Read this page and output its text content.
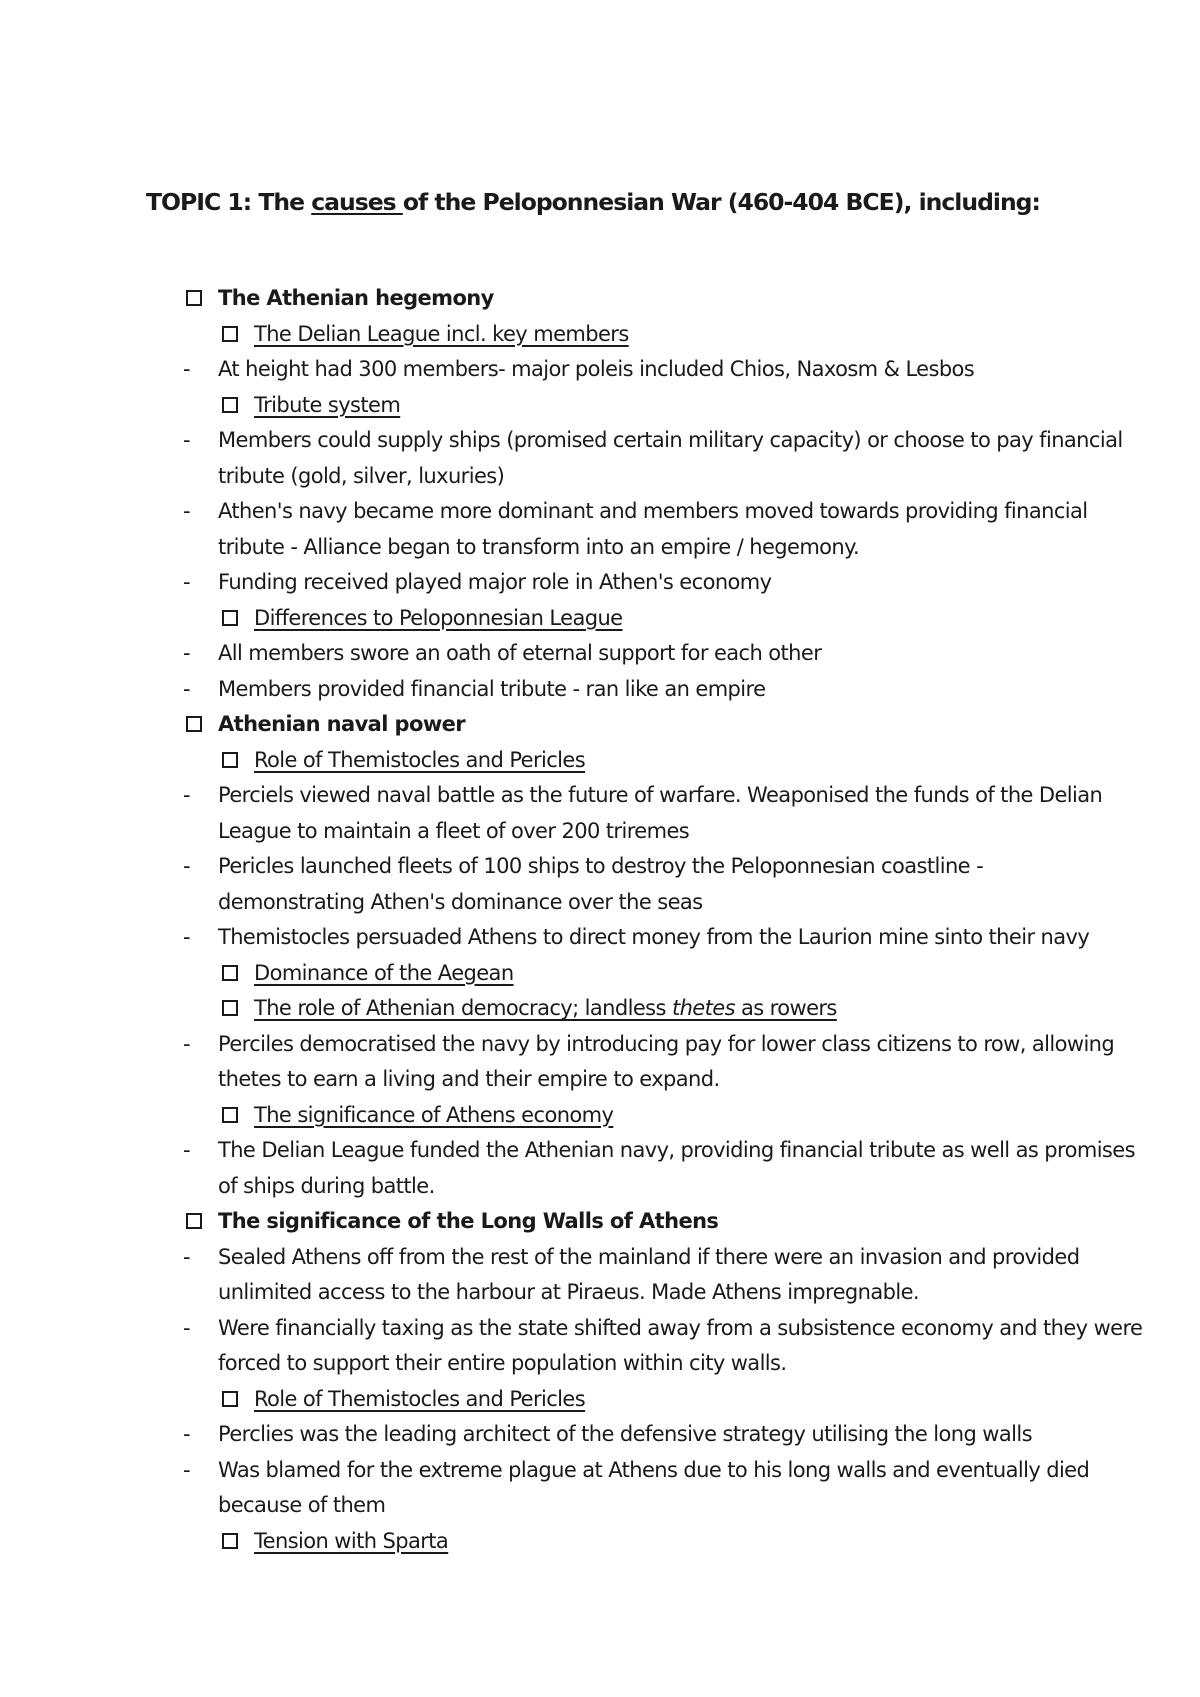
TOPIC 1: The causes of the Peloponnesian War (460-404 BCE), including:
The Athenian hegemony
The Delian League incl. key members
- At height had 300 members- major poleis included Chios, Naxosm & Lesbos
Tribute system
- Members could supply ships (promised certain military capacity) or choose to pay financial
tribute (gold, silver, luxuries)
- Athen's navy became more dominant and members moved towards providing financial
tribute - Alliance began to transform into an empire / hegemony.
- Funding received played major role in Athen's economy
Differences to Peloponnesian League
- All members swore an oath of eternal support for each other
- Members provided financial tribute - ran like an empire
Athenian naval power
Role of Themistocles and Pericles
- Perciels viewed naval battle as the future of warfare. Weaponised the funds of the Delian
League to maintain a fleet of over 200 triremes
- Pericles launched fleets of 100 ships to destroy the Peloponnesian coastline -
demonstrating Athen's dominance over the seas
- Themistocles persuaded Athens to direct money from the Laurion mine sinto their navy
Dominance of the Aegean
The role of Athenian democracy; landless thetes as rowers
- Perciles democratised the navy by introducing pay for lower class citizens to row, allowing
thetes to earn a living and their empire to expand.
The significance of Athens economy
- The Delian League funded the Athenian navy, providing financial tribute as well as promises
of ships during battle.
The significance of the Long Walls of Athens
- Sealed Athens off from the rest of the mainland if there were an invasion and provided
unlimited access to the harbour at Piraeus. Made Athens impregnable.
- Were financially taxing as the state shifted away from a subsistence economy and they were
forced to support their entire population within city walls.
Role of Themistocles and Pericles
- Perclies was the leading architect of the defensive strategy utilising the long walls
- Was blamed for the extreme plague at Athens due to his long walls and eventually died
because of them
Tension with Sparta
